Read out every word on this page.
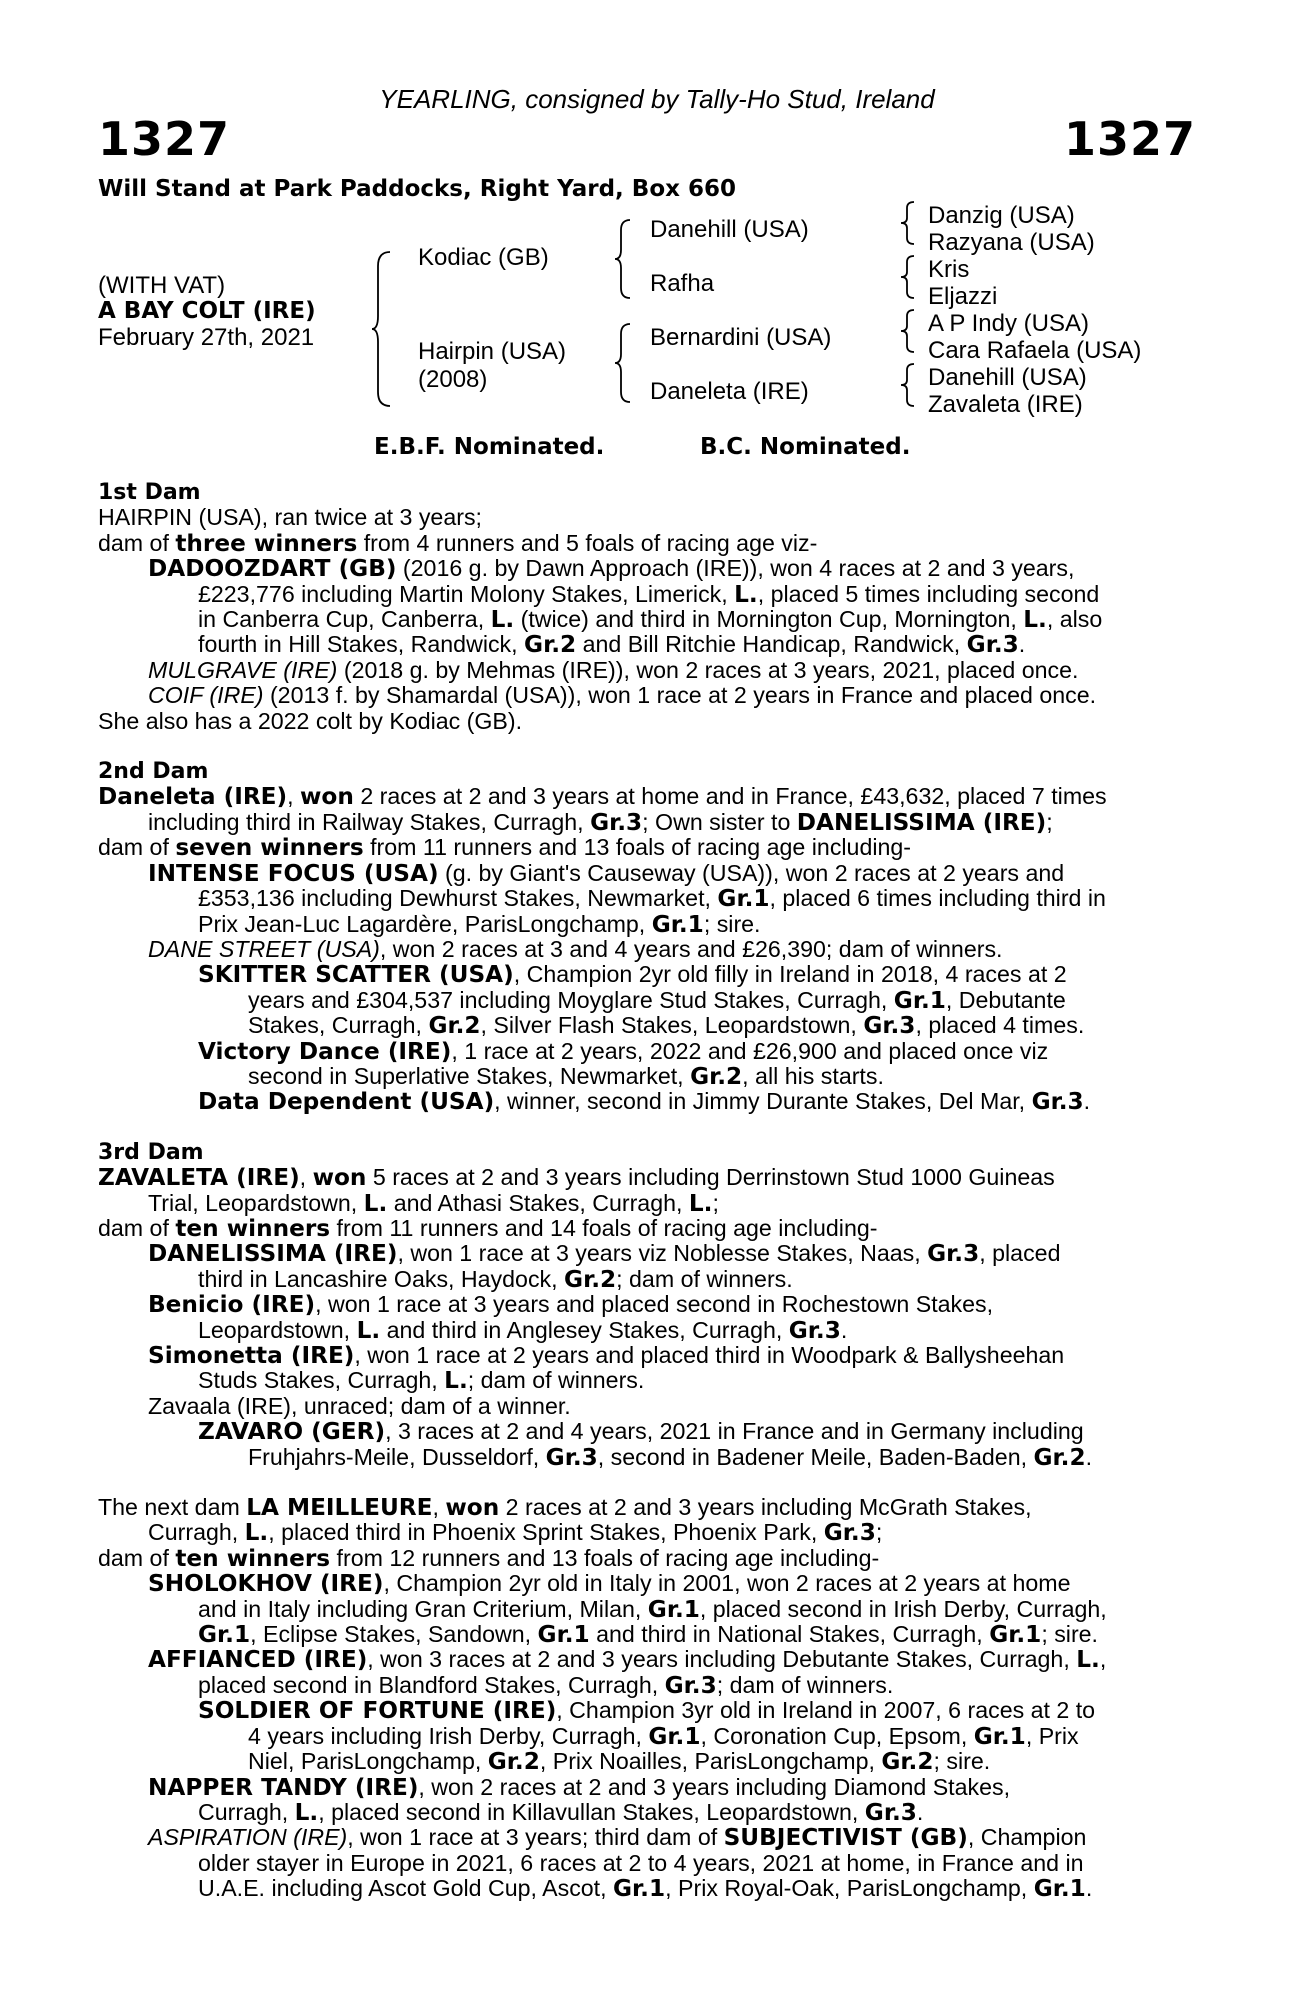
YEARLING, consigned by Tally-Ho Stud, Ireland
1327	1327
Will Stand at Park Paddocks, Right Yard, Box 660
(WITH VAT)
A BAY COLT (IRE)
February 27th, 2021
Kodiac (GB)
Hairpin (USA)
(2008)
Danehill (USA)
Rafha
Bernardini (USA)
Daneleta (IRE)
Danzig (USA)
Razyana (USA)
Kris
Eljazzi
A P Indy (USA)
Cara Rafaela (USA)
Danehill (USA)
Zavaleta (IRE)
E.B.F. Nominated.	B.C. Nominated.
1st Dam
HAIRPIN (USA), ran twice at 3 years;
dam of three winners from 4 runners and 5 foals of racing age viz-
DADOOZDART (GB) (2016 g. by Dawn Approach (IRE)), won 4 races at 2 and 3 years,
£223,776 including Martin Molony Stakes, Limerick, L., placed 5 times including second
in Canberra Cup, Canberra, L. (twice) and third in Mornington Cup, Mornington, L., also
fourth in Hill Stakes, Randwick, Gr.2 and Bill Ritchie Handicap, Randwick, Gr.3.
MULGRAVE (IRE) (2018 g. by Mehmas (IRE)), won 2 races at 3 years, 2021, placed once.
COIF (IRE) (2013 f. by Shamardal (USA)), won 1 race at 2 years in France and placed once.
She also has a 2022 colt by Kodiac (GB).
2nd Dam
Daneleta (IRE), won 2 races at 2 and 3 years at home and in France, £43,632, placed 7 times
including third in Railway Stakes, Curragh, Gr.3; Own sister to DANELISSIMA (IRE);
dam of seven winners from 11 runners and 13 foals of racing age including-
INTENSE FOCUS (USA) (g. by Giant's Causeway (USA)), won 2 races at 2 years and
£353,136 including Dewhurst Stakes, Newmarket, Gr.1, placed 6 times including third in
Prix Jean-Luc Lagardère, ParisLongchamp, Gr.1; sire.
DANE STREET (USA), won 2 races at 3 and 4 years and £26,390; dam of winners.
SKITTER SCATTER (USA), Champion 2yr old filly in Ireland in 2018, 4 races at 2
years and £304,537 including Moyglare Stud Stakes, Curragh, Gr.1, Debutante
Stakes, Curragh, Gr.2, Silver Flash Stakes, Leopardstown, Gr.3, placed 4 times.
Victory Dance (IRE), 1 race at 2 years, 2022 and £26,900 and placed once viz
second in Superlative Stakes, Newmarket, Gr.2, all his starts.
Data Dependent (USA), winner, second in Jimmy Durante Stakes, Del Mar, Gr.3.
3rd Dam
ZAVALETA (IRE), won 5 races at 2 and 3 years including Derrinstown Stud 1000 Guineas
Trial, Leopardstown, L. and Athasi Stakes, Curragh, L.;
dam of ten winners from 11 runners and 14 foals of racing age including-
DANELISSIMA (IRE), won 1 race at 3 years viz Noblesse Stakes, Naas, Gr.3, placed
third in Lancashire Oaks, Haydock, Gr.2; dam of winners.
Benicio (IRE), won 1 race at 3 years and placed second in Rochestown Stakes,
Leopardstown, L. and third in Anglesey Stakes, Curragh, Gr.3.
Simonetta (IRE), won 1 race at 2 years and placed third in Woodpark & Ballysheehan
Studs Stakes, Curragh, L.; dam of winners.
Zavaala (IRE), unraced; dam of a winner.
ZAVARO (GER), 3 races at 2 and 4 years, 2021 in France and in Germany including
Fruhjahrs-Meile, Dusseldorf, Gr.3, second in Badener Meile, Baden-Baden, Gr.2.
The next dam LA MEILLEURE, won 2 races at 2 and 3 years including McGrath Stakes,
Curragh, L., placed third in Phoenix Sprint Stakes, Phoenix Park, Gr.3;
dam of ten winners from 12 runners and 13 foals of racing age including-
SHOLOKHOV (IRE), Champion 2yr old in Italy in 2001, won 2 races at 2 years at home
and in Italy including Gran Criterium, Milan, Gr.1, placed second in Irish Derby, Curragh,
Gr.1, Eclipse Stakes, Sandown, Gr.1 and third in National Stakes, Curragh, Gr.1; sire.
AFFIANCED (IRE), won 3 races at 2 and 3 years including Debutante Stakes, Curragh, L.,
placed second in Blandford Stakes, Curragh, Gr.3; dam of winners.
SOLDIER OF FORTUNE (IRE), Champion 3yr old in Ireland in 2007, 6 races at 2 to
4 years including Irish Derby, Curragh, Gr.1, Coronation Cup, Epsom, Gr.1, Prix
Niel, ParisLongchamp, Gr.2, Prix Noailles, ParisLongchamp, Gr.2; sire.
NAPPER TANDY (IRE), won 2 races at 2 and 3 years including Diamond Stakes,
Curragh, L., placed second in Killavullan Stakes, Leopardstown, Gr.3.
ASPIRATION (IRE), won 1 race at 3 years; third dam of SUBJECTIVIST (GB), Champion
older stayer in Europe in 2021, 6 races at 2 to 4 years, 2021 at home, in France and in
U.A.E. including Ascot Gold Cup, Ascot, Gr.1, Prix Royal-Oak, ParisLongchamp, Gr.1.
